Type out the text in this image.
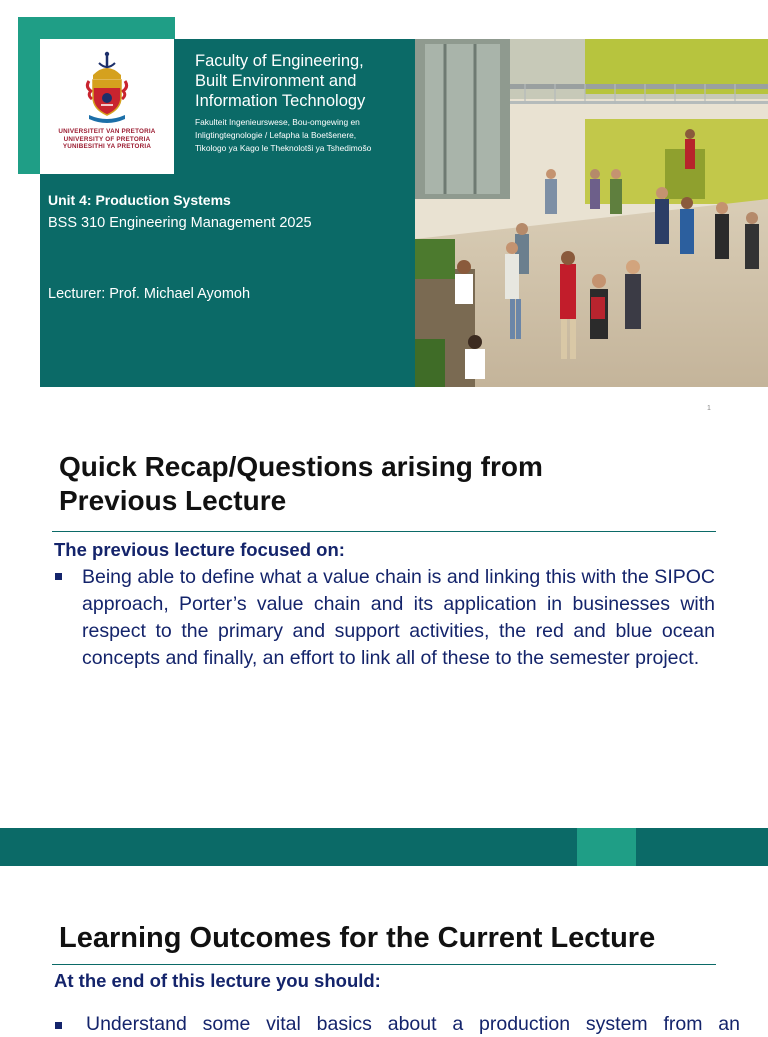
UNIVERSITEIT VAN PRETORIA
UNIVERSITY OF PRETORIA
YUNIBESITHI YA PRETORIA
Faculty of Engineering,
Built Environment and
Information Technology
Fakulteit Ingenieurswese, Bou-omgewing en
Inligtingtegnologie / Lefapha la Boetšenere,
Tikologo ya Kago le Theknolotši ya Tshedimošo
Unit 4: Production Systems
BSS 310 Engineering Management 2025
Lecturer: Prof. Michael Ayomoh
1
Quick Recap/Questions arising from
Previous Lecture
The previous lecture focused on:
Being able to define what a value chain is and linking this with the SIPOC approach, Porter’s value chain and its application in businesses with respect to the primary and support activities, the red and blue ocean concepts and finally, an effort to link all of these to the semester project.
Learning Outcomes for the Current Lecture
At the end of this lecture you should:
Understand some vital basics about a production system from an
